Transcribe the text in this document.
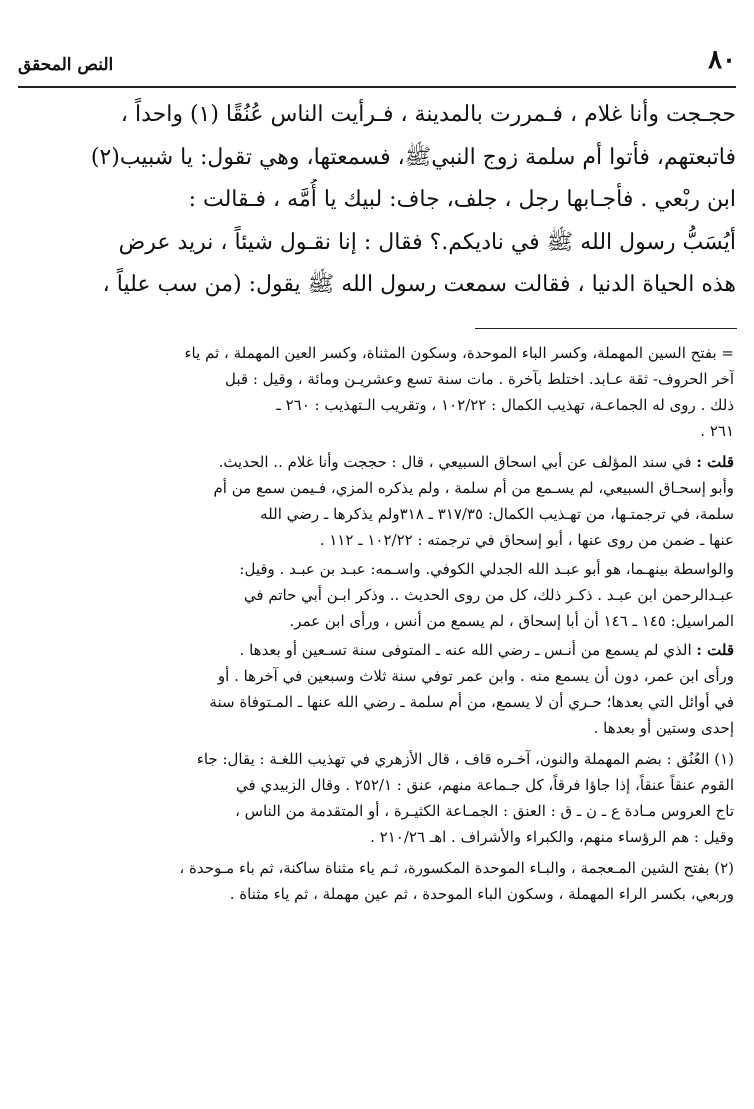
٨٠
النص المحقق
حجـجت وأنا غلام ، فـمررت بالمدينة ، فـرأيت الناس عُنُقًا (١) واحداً ،
فاتبعتهم، فأتوا أم سلمة زوج النبيﷺ، فسمعتها، وهي تقول: يا شبيب(٢)
ابن ربْعي . فأجـابها رجل ، جلف، جاف: لبيك يا أُمَّه ، فـقالت :
أيُسَبُّ رسول الله ﷺ في ناديكم.؟ فقال : إنا نقـول شيئاً ، نريد عرض
هذه الحياة الدنيا ، فقالت سمعت رسول الله ﷺ يقول: (من سب علياً ،
= بفتح السين المهملة، وكسر الباء الموحدة، وسكون المثناة، وكسر العين المهملة ، ثم ياء
آخر الحروف- ثقة عـابد. اختلط بآخرة . مات سنة تسع وعشريـن ومائة ، وقيل : قبل
ذلك . روى له الجماعـة، تهذيب الكمال : ١٠٢/٢٢ ، وتقريب الـتهذيب : ٢٦٠ ـ
٢٦١ .
قلت : في سند المؤلف عن أبي اسحاق السبيعي ، قال : حججت وأنا غلام .. الحديث.
وأبو إسحـاق السبيعي، لم يسـمع من أم سلمة ، ولم يذكره المزي، فـيمن سمع من أم
سلمة، في ترجمتـها، من تهـذيب الكمال: ٣١٧/٣٥ ـ ٣١٨ولم يذكرها ـ رضي الله
عنها ـ ضمن من روى عنها ، أبو إسحاق في ترجمته : ١٠٢/٢٢ ـ ١١٢ .
والواسطة بينهـما، هو أبو عبـد الله الجدلي الكوفي. واسـمه: عبـد بن عبـد . وقيل:
عبـدالرحمن ابن عبـد . ذكـر ذلك، كل من روى الحديث .. وذكر ابـن أبي حاتم في
المراسيل: ١٤٥ ـ ١٤٦ أن أبا إسحاق ، لم يسمع من أنس ، ورأى ابن عمر.
قلت : الذي لم يسمع من أنـس ـ رضي الله عنه ـ المتوفى سنة تسـعين أو بعدها .
ورأى ابن عمر، دون أن يسمع منه . وابن عمر توفي سنة ثلاث وسبعين في آخرها . أو
في أوائل التي بعدها؛ حـري أن لا يسمع، من أم سلمة ـ رضي الله عنها ـ المـتوفاة سنة
إحدى وستين أو بعدها .
(١) العُنُق : بضم المهملة والنون، آخـره قاف ، قال الأزهري في تهذيب اللغـة : يقال: جاء
القوم عنقاً عنقاً، إذا جاؤا فرقاً، كل جـماعة منهم، عنق : ٢٥٢/١ . وقال الزبيدي في
تاج العروس مـادة ع ـ ن ـ ق : العنق : الجمـاعة الكثيـرة ، أو المتقدمة من الناس ،
وقيل : هم الرؤساء منهم، والكبراء والأشراف . اهـ ٢١٠/٢٦ .
(٢) بفتح الشين المـعجمة ، والبـاء الموحدة المكسورة، ثـم ياء مثناة ساكنة، ثم باء مـوحدة ،
وربعي، بكسر الراء المهملة ، وسكون الباء الموحدة ، ثم عين مهملة ، ثم ياء مثناة .
